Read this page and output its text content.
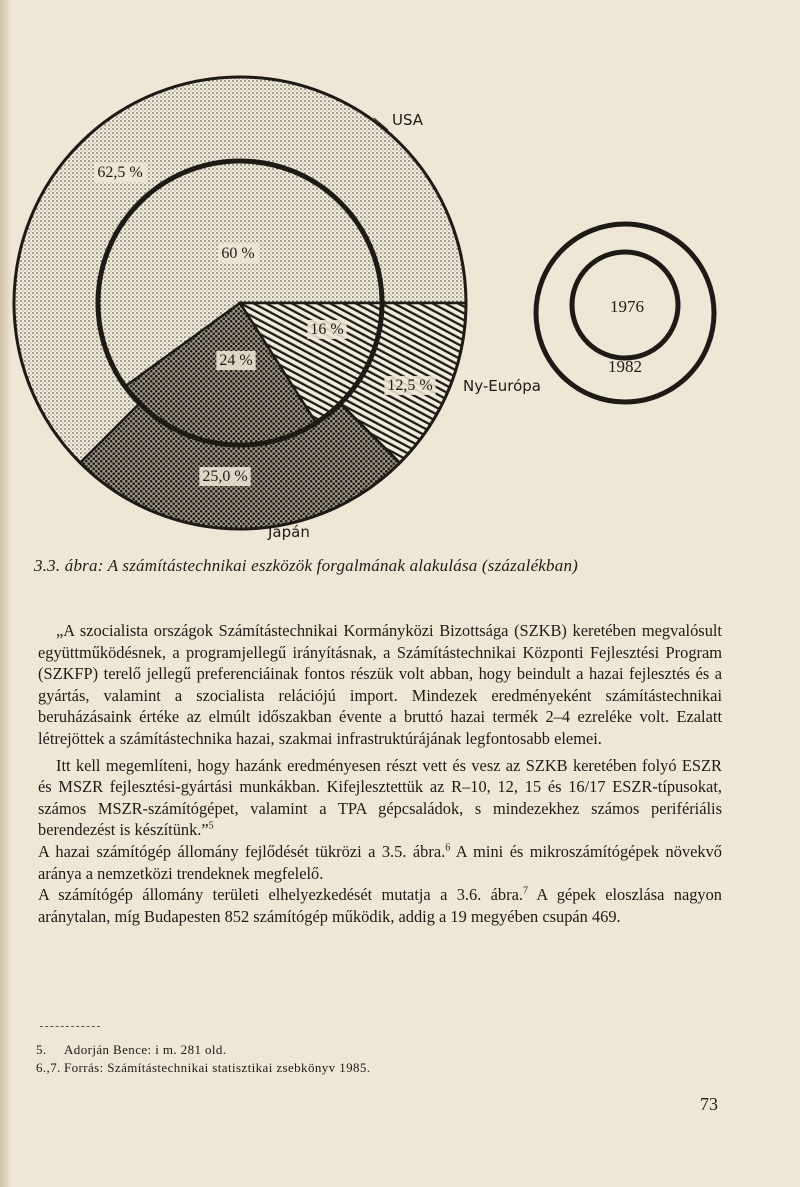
62,5 %
12,5 %
25,0 %
60 %
16 %
24 %
USA
Ny-Európa
Japán
1976
1982
3.3. ábra: A számítástechnikai eszközök forgalmának alakulása (százalékban)

„A szocialista országok Számítástechnikai Kormányközi Bizottsága (SZKB) keretében megvalósult együttműködésnek, a programjellegű irányításnak, a Számítástechnikai Központi Fejlesztési Program (SZKFP) terelő jellegű preferenciáinak fontos részük volt abban, hogy beindult a hazai fejlesztés és a gyártás, valamint a szocialista relációjú import. Mindezek eredményeként számítástechnikai beruházásaink értéke az elmúlt időszakban évente a bruttó hazai termék 2–4 ezreléke volt. Ezalatt létrejöttek a számítástechnika hazai, szakmai infrastruktúrájának legfontosabb elemei.

Itt kell megemlíteni, hogy hazánk eredményesen részt vett és vesz az SZKB keretében folyó ESZR és MSZR fejlesztési-gyártási munkákban. Kifejlesztettük az R–10, 12, 15 és 16/17 ESZR-típusokat, számos MSZR-számítógépet, valamint a TPA gépcsaládok, s mindezekhez számos perifériális berendezést is készítünk.”$^5$

A hazai számítógép állomány fejlődését tükrözi a 3.5. ábra.$^6$ A mini és mikroszámítógépek növekvő aránya a nemzetközi trendeknek megfelelő.

A számítógép állomány területi elhelyezkedését mutatja a 3.6. ábra.$^7$ A gépek eloszlása nagyon aránytalan, míg Budapesten 852 számítógép működik, addig a 19 megyében csupán 469.

5. Adorján Bence: i m. 281 old.
6.,7. Forrás: Számítástechnikai statisztikai zsebkönyv 1985.
73
